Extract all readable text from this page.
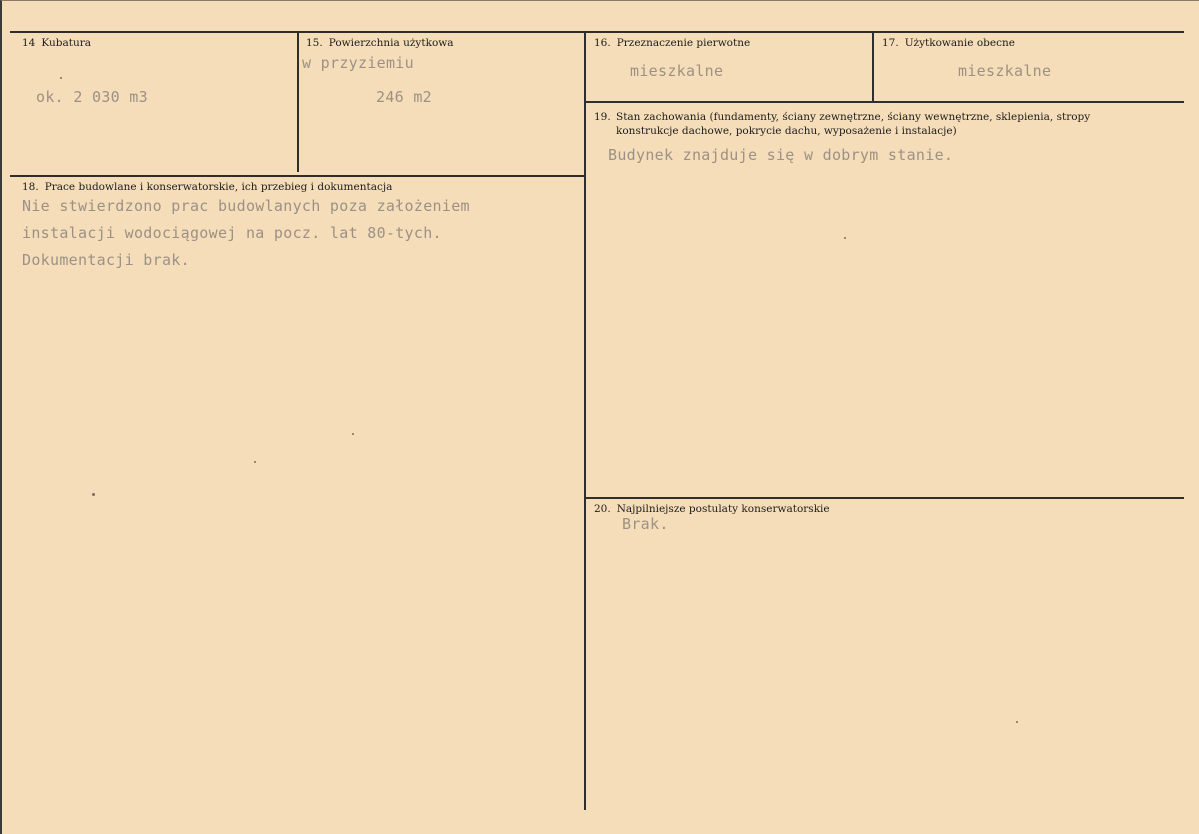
14 Kubatura
ok. 2 030 m3
15. Powierzchnia użytkowa
w przyziemiu
246 m2
16. Przeznaczenie pierwotne
mieszkalne
17. Użytkowanie obecne
mieszkalne
18. Prace budowlane i konserwatorskie, ich przebieg i dokumentacja
Nie stwierdzono prac budowlanych poza założeniem
instalacji wodociągowej na pocz. lat 80-tych.
Dokumentacji brak.
19. Stan zachowania (fundamenty, ściany zewnętrzne, ściany wewnętrzne, sklepienia, stropy
konstrukcje dachowe, pokrycie dachu, wyposażenie i instalacje)
Budynek znajduje się w dobrym stanie.
20. Najpilniejsze postulaty konserwatorskie
Brak.
